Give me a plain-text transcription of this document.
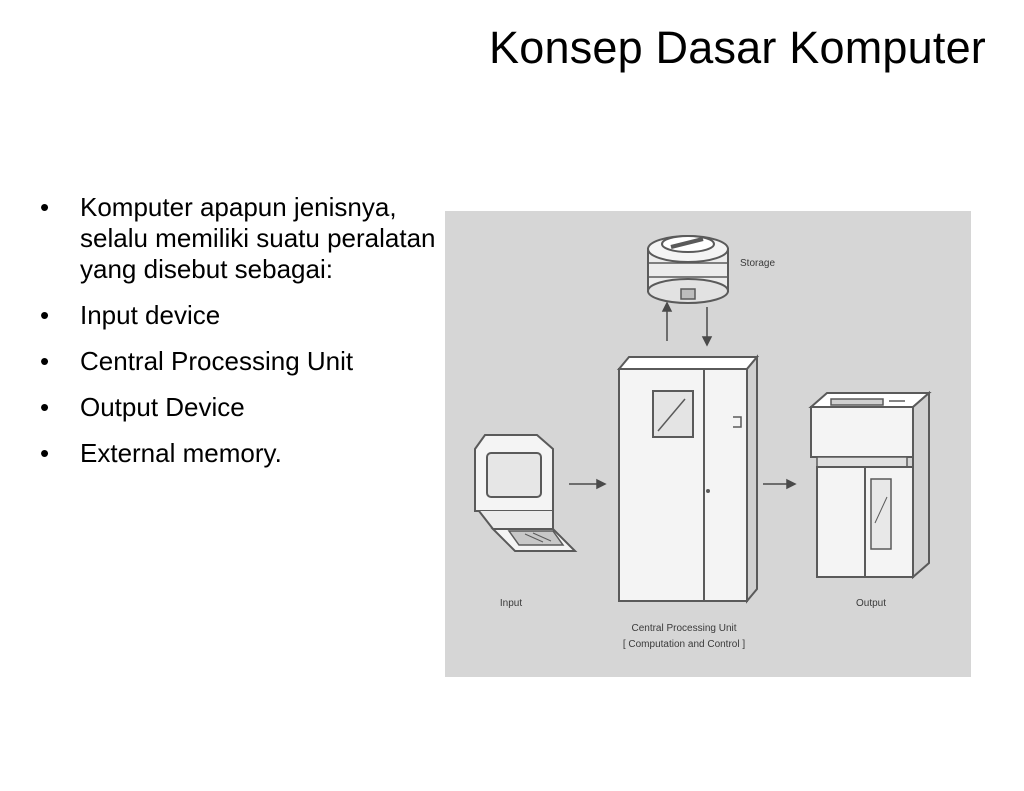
Konsep Dasar Komputer
• Komputer apapun jenisnya, selalu memiliki suatu peralatan yang disebut sebagai:
• Input device
• Central Processing Unit
• Output Device
• External memory.
Storage
Central Processing Unit
[ Computation and Control ]
Input	Output
